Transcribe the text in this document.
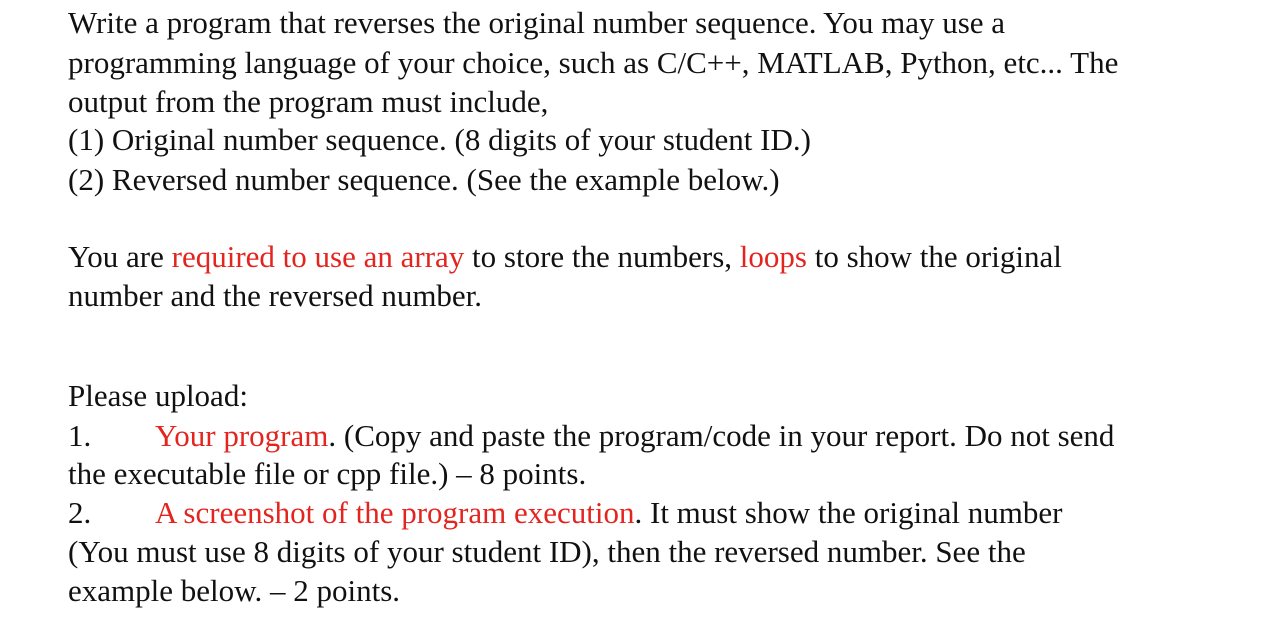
Write a program that reverses the original number sequence. You may use a
programming language of your choice, such as C/C++, MATLAB, Python, etc... The
output from the program must include,
(1) Original number sequence. (8 digits of your student ID.)
(2) Reversed number sequence. (See the example below.)
You are required to use an array to store the numbers, loops to show the original
number and the reversed number.
Please upload:
1. Your program. (Copy and paste the program/code in your report. Do not send
the executable file or cpp file.) – 8 points.
2. A screenshot of the program execution. It must show the original number
(You must use 8 digits of your student ID), then the reversed number. See the
example below. – 2 points.
